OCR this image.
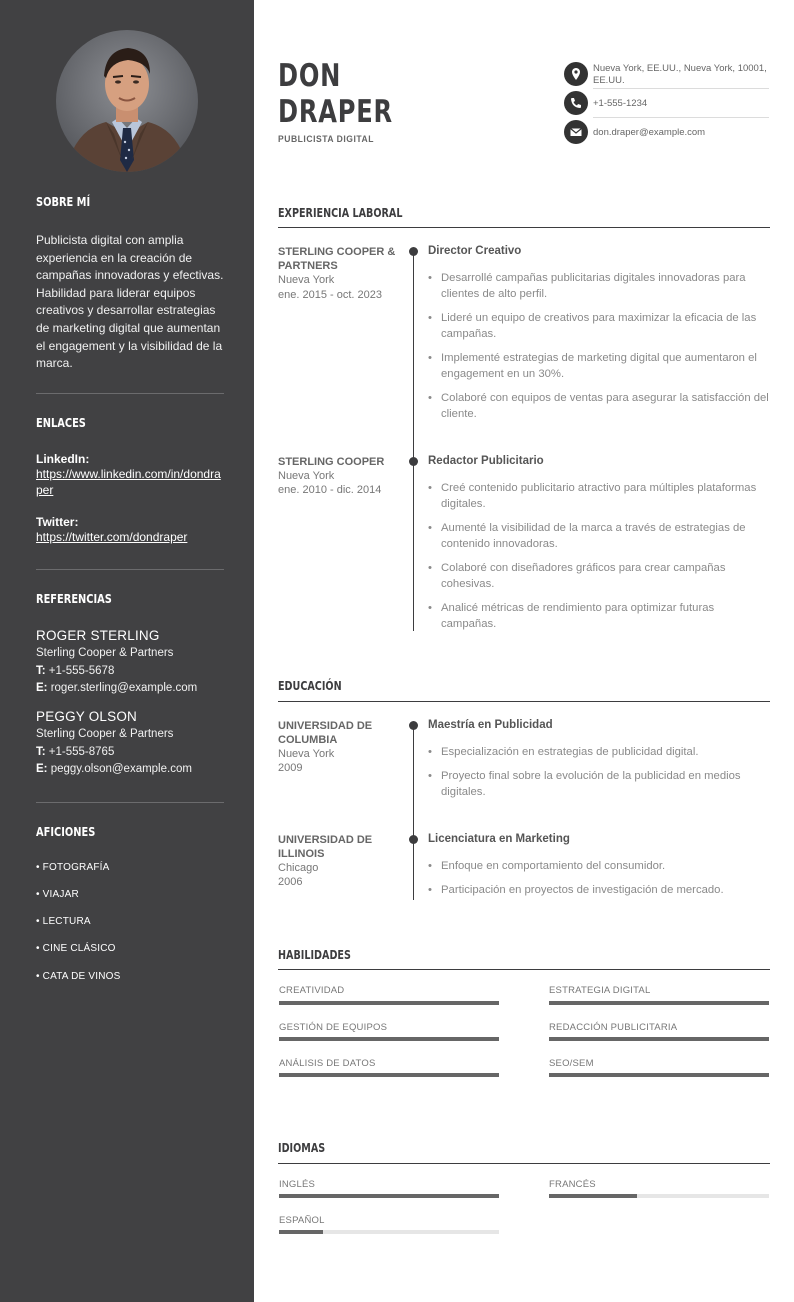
SOBRE MÍ
Publicista digital con amplia experiencia en la creación de campañas innovadoras y efectivas. Habilidad para liderar equipos creativos y desarrollar estrategias de marketing digital que aumentan el engagement y la visibilidad de la marca.
ENLACES
LinkedIn:
https://www.linkedin.com/in/dondraper
Twitter:
https://twitter.com/dondraper
REFERENCIAS
ROGER STERLING
Sterling Cooper & Partners
T: +1-555-5678
E: roger.sterling@example.com
PEGGY OLSON
Sterling Cooper & Partners
T: +1-555-8765
E: peggy.olson@example.com
AFICIONES
• FOTOGRAFÍA
• VIAJAR
• LECTURA
• CINE CLÁSICO
• CATA DE VINOS
DON
DRAPER
PUBLICISTA DIGITAL
Nueva York, EE.UU., Nueva York, 10001, EE.UU.
+1-555-1234
don.draper@example.com
EXPERIENCIA LABORAL
STERLING COOPER & PARTNERS
Nueva York
ene. 2015 - oct. 2023
Director Creativo
• Desarrollé campañas publicitarias digitales innovadoras para clientes de alto perfil.
• Lideré un equipo de creativos para maximizar la eficacia de las campañas.
• Implementé estrategias de marketing digital que aumentaron el engagement en un 30%.
• Colaboré con equipos de ventas para asegurar la satisfacción del cliente.
STERLING COOPER
Nueva York
ene. 2010 - dic. 2014
Redactor Publicitario
• Creé contenido publicitario atractivo para múltiples plataformas digitales.
• Aumenté la visibilidad de la marca a través de estrategias de contenido innovadoras.
• Colaboré con diseñadores gráficos para crear campañas cohesivas.
• Analicé métricas de rendimiento para optimizar futuras campañas.
EDUCACIÓN
UNIVERSIDAD DE COLUMBIA
Nueva York
2009
Maestría en Publicidad
• Especialización en estrategias de publicidad digital.
• Proyecto final sobre la evolución de la publicidad en medios digitales.
UNIVERSIDAD DE ILLINOIS
Chicago
2006
Licenciatura en Marketing
• Enfoque en comportamiento del consumidor.
• Participación en proyectos de investigación de mercado.
HABILIDADES
CREATIVIDAD	ESTRATEGIA DIGITAL
GESTIÓN DE EQUIPOS	REDACCIÓN PUBLICITARIA
ANÁLISIS DE DATOS	SEO/SEM
IDIOMAS
INGLÉS	FRANCÉS
ESPAÑOL
